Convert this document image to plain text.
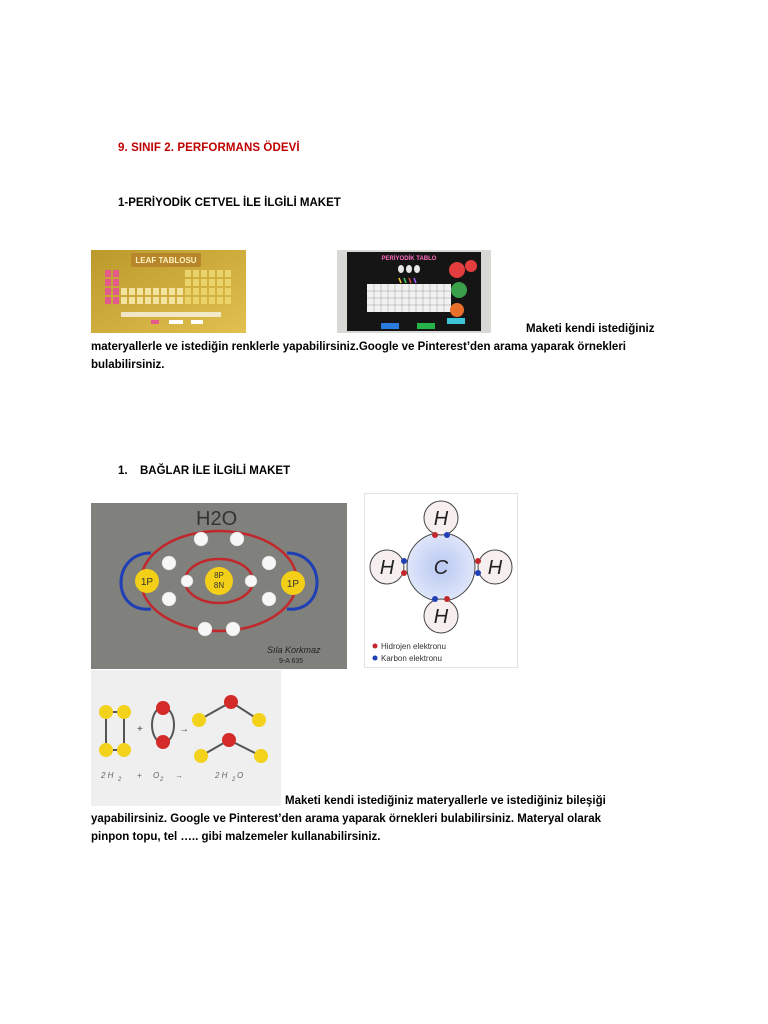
9. SINIF 2. PERFORMANS ÖDEVİ
1-PERİYODİK CETVEL İLE İLGİLİ MAKET
LEAF TABLOSU	PERİYODİK TABLO
Maketi kendi istediğiniz
materyallerle ve istediğin renklerle yapabilirsiniz.Google ve Pinterest’den arama yaparak örnekleri
bulabilirsiniz.
1. BAĞLAR İLE İLGİLİ MAKET
H2O
1P
8P
8N	1P
Sıla Korkmaz
9-A 635
H
H C H
H
Hidrojen elektronu
Karbon elektronu
+	→
2 H 2 + O 2 →	2 H 2 O
Maketi kendi istediğiniz materyallerle ve istediğiniz bileşiği
yapabilirsiniz. Google ve Pinterest’den arama yaparak örnekleri bulabilirsiniz. Materyal olarak
pinpon topu, tel ….. gibi malzemeler kullanabilirsiniz.
